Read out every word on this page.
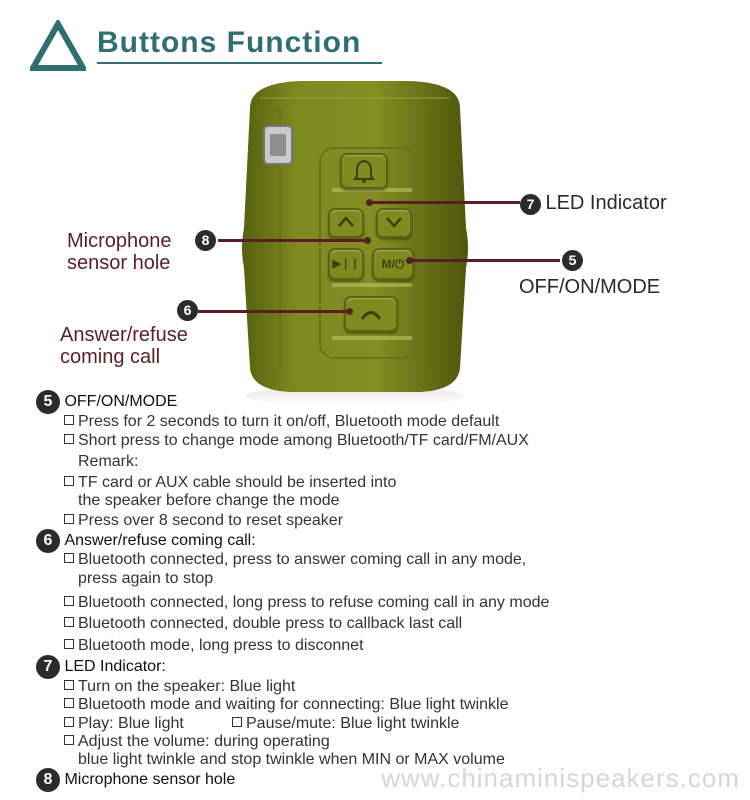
Buttons Function
▶❘❘	M/⏻
7 LED Indicator
8
Microphone
sensor hole	5
OFF/ON/MODE
6
Answer/refuse
coming call
5 OFF/ON/MODE
Press for 2 seconds to turn it on/off, Bluetooth mode default
Short press to change mode among Bluetooth/TF card/FM/AUX
Remark:
TF card or AUX cable should be inserted into
the speaker before change the mode
Press over 8 second to reset speaker
6 Answer/refuse coming call:
Bluetooth connected, press to answer coming call in any mode,
press again to stop
Bluetooth connected, long press to refuse coming call in any mode
Bluetooth connected, double press to callback last call
Bluetooth mode, long press to disconnet
7 LED Indicator:
Turn on the speaker: Blue light
Bluetooth mode and waiting for connecting: Blue light twinkle
Play: Blue light	Pause/mute: Blue light twinkle
Adjust the volume: during operating
blue light twinkle and stop twinkle when MIN or MAX volume
8 Microphone sensor hole	www.chinaminispeakers.com
